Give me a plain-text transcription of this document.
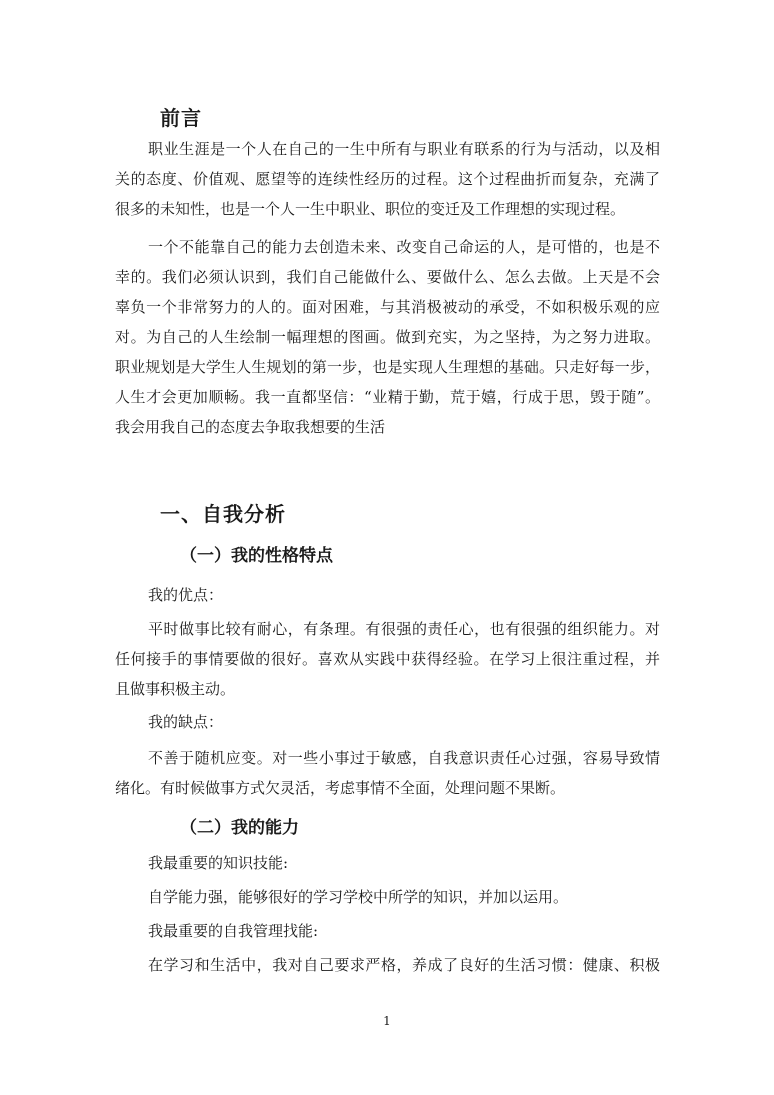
前言
职业生涯是一个人在自己的一生中所有与职业有联系的行为与活动，以及相
关的态度、价值观、愿望等的连续性经历的过程。这个过程曲折而复杂，充满了
很多的未知性，也是一个人一生中职业、职位的变迁及工作理想的实现过程。
一个不能靠自己的能力去创造未来、改变自己命运的人，是可惜的，也是不
幸的。我们必须认识到，我们自己能做什么、要做什么、怎么去做。上天是不会
辜负一个非常努力的人的。面对困难，与其消极被动的承受，不如积极乐观的应
对。为自己的人生绘制一幅理想的图画。做到充实，为之坚持，为之努力进取。
职业规划是大学生人生规划的第一步，也是实现人生理想的基础。只走好每一步，
人生才会更加顺畅。我一直都坚信：“业精于勤，荒于嬉，行成于思，毁于随”。
我会用我自己的态度去争取我想要的生活
一、自我分析
（一）我的性格特点
我的优点：
平时做事比较有耐心，有条理。有很强的责任心，也有很强的组织能力。对
任何接手的事情要做的很好。喜欢从实践中获得经验。在学习上很注重过程，并
且做事积极主动。
我的缺点：
不善于随机应变。对一些小事过于敏感，自我意识责任心过强，容易导致情
绪化。有时候做事方式欠灵活，考虑事情不全面，处理问题不果断。
（二）我的能力
我最重要的知识技能:
自学能力强，能够很好的学习学校中所学的知识，并加以运用。
我最重要的自我管理找能:
在学习和生活中，我对自己要求严格，养成了良好的生活习惯：健康、积极
1
